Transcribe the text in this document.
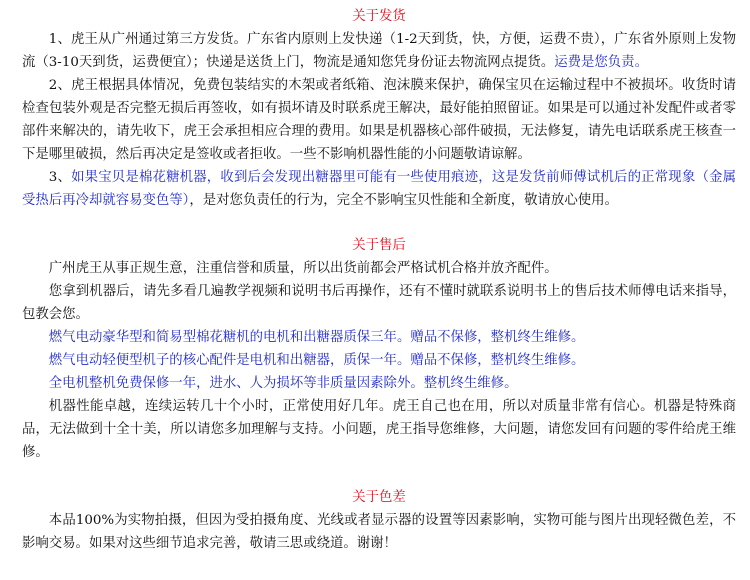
关于发货

1、虎王从广州通过第三方发货。广东省内原则上发快递（1-2天到货，快，方便，运费不贵），广东省外原则上发物流（3-10天到货，运费便宜）；快递是送货上门，物流是通知您凭身份证去物流网点提货。运费是您负责。

2、虎王根据具体情况，免费包装结实的木架或者纸箱、泡沫膜来保护，确保宝贝在运输过程中不被损坏。收货时请检查包装外观是否完整无损后再签收，如有损坏请及时联系虎王解决，最好能拍照留证。如果是可以通过补发配件或者零部件来解决的，请先收下，虎王会承担相应合理的费用。如果是机器核心部件破损，无法修复，请先电话联系虎王核查一下是哪里破损，然后再决定是签收或者拒收。一些不影响机器性能的小问题敬请谅解。

3、如果宝贝是棉花糖机器，收到后会发现出糖器里可能有一些使用痕迹，这是发货前师傅试机后的正常现象（金属受热后再冷却就容易变色等），是对您负责任的行为，完全不影响宝贝性能和全新度，敬请放心使用。

关于售后

广州虎王从事正规生意，注重信誉和质量，所以出货前都会严格试机合格并放齐配件。

您拿到机器后，请先多看几遍教学视频和说明书后再操作，还有不懂时就联系说明书上的售后技术师傅电话来指导，包教会您。

燃气电动豪华型和简易型棉花糖机的电机和出糖器质保三年。赠品不保修，整机终生维修。

燃气电动轻便型机子的核心配件是电机和出糖器，质保一年。赠品不保修，整机终生维修。

全电机整机免费保修一年，进水、人为损坏等非质量因素除外。整机终生维修。

机器性能卓越，连续运转几十个小时，正常使用好几年。虎王自己也在用，所以对质量非常有信心。机器是特殊商品，无法做到十全十美，所以请您多加理解与支持。小问题，虎王指导您维修，大问题，请您发回有问题的零件给虎王维修。

关于色差

本品100%为实物拍摄，但因为受拍摄角度、光线或者显示器的设置等因素影响，实物可能与图片出现轻微色差，不影响交易。如果对这些细节追求完善，敬请三思或绕道。谢谢！
